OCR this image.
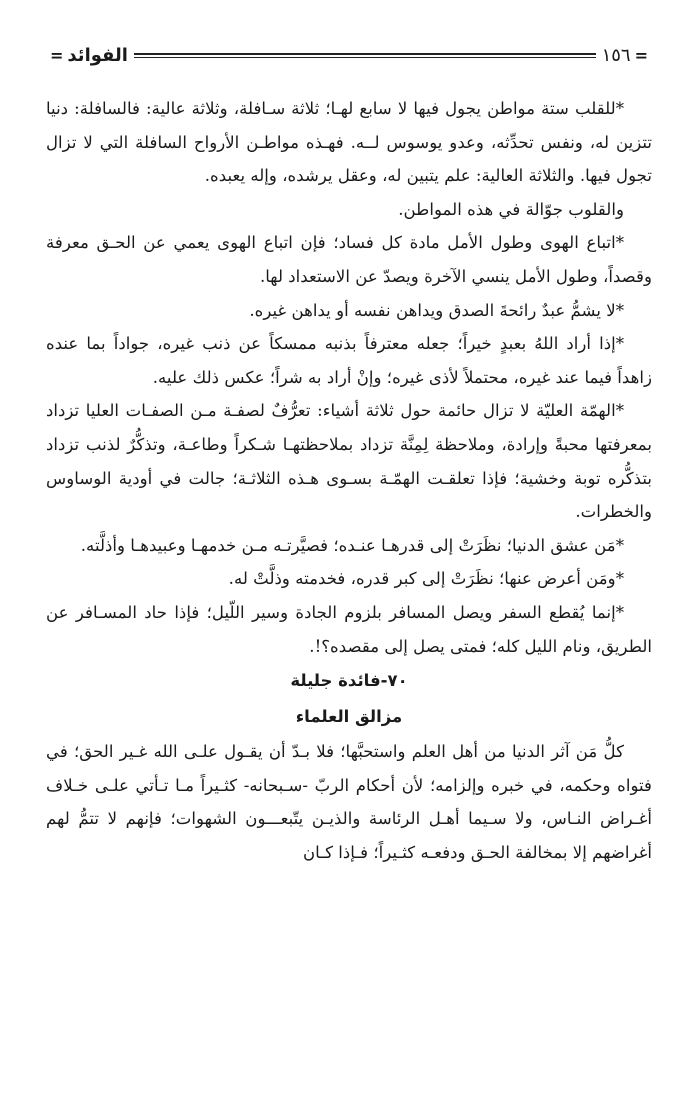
=
١٥٦
الفوائد
=

*للقلب ستة مواطن يجول فيها لا سابع لهـا؛ ثلاثة سـافلة، وثلاثة عالية: فالسافلة: دنيا تتزين له، ونفس تحدِّثه، وعدو يوسوس لــه. فهـذه مواطـن الأرواح السافلة التي لا تزال تجول فيها. والثلاثة العالية: علم يتبين له، وعقل يرشده، وإله يعبده.

والقلوب جوّالة في هذه المواطن.

*اتباع الهوى وطول الأمل مادة كل فساد؛ فإن اتباع الهوى يعمي عن الحـق معرفة وقصداً، وطول الأمل ينسي الآخرة ويصدّ عن الاستعداد لها.

*لا يشمُّ عبدٌ رائحةَ الصدق ويداهن نفسه أو يداهن غيره.

*إذا أراد اللهُ بعبدٍ خيراً؛ جعله معترفاً بذنبه ممسكاً عن ذنب غيره، جواداً بما عنده زاهداً فيما عند غيره، محتملاً لأذى غيره؛ وإنْ أراد به شراً؛ عكس ذلك عليه.

*الهمّة العليّة لا تزال حائمة حول ثلاثة أشياء: تعرُّفٌ لصفـة مـن الصفـات العليا تزداد بمعرفتها محبةً وإرادة، وملاحظة لِمِنَّة تزداد بملاحظتهـا شـكراً وطاعـة، وتذكُّرٌ لذنب تزداد بتذكُّره توبة وخشية؛ فإذا تعلقـت الهمّـة بسـوى هـذه الثلاثـة؛ جالت في أودية الوساوس والخطرات.

*مَن عشق الدنيا؛ نظَرَتْ إلى قدرهـا عنـده؛ فصيَّرتـه مـن خدمهـا وعبيدهـا وأذلَّته.

*ومَن أعرض عنها؛ نظَرَتْ إلى كبر قدره، فخدمته وذلَّتْ له.

*إنما يُقطع السفر ويصل المسافر بلزوم الجادة وسير اللّيل؛ فإذا حاد المسـافر عن الطريق، ونام الليل كله؛ فمتى يصل إلى مقصده؟!.

٧٠-فائدة جليلة

مزالق العلماء

كلُّ مَن آثر الدنيا من أهل العلم واستحبَّها؛ فلا بـدّ أن يقـول علـى الله غـير الحق؛ في فتواه وحكمه، في خبره وإلزامه؛ لأن أحكام الربّ -سـبحانه- كثـيراً مـا تـأتي علـى خـلاف أغـراض النـاس، ولا سـيما أهـل الرئاسة والذيـن يتّبعـــون الشهوات؛ فإنهم لا تتمُّ لهم أغراضهم إلا بمخالفة الحـق ودفعـه كثـيراً؛ فـإذا كـان
